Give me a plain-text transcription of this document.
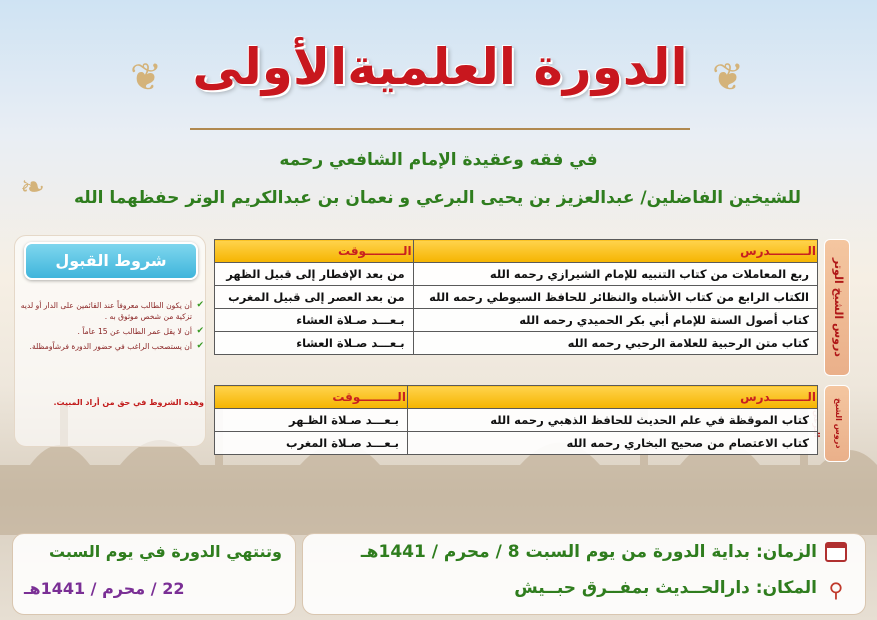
❦	❦
❧
الدورة العلميةالأولى
في فقه وعقيدة الإمام الشافعي رحمه
للشيخين الفاضلين/ عبدالعزيز بن يحيى البرعي و نعمان بن عبدالكريم الوتر حفظهما الله
شروط القبول
✔
أن يكون الطالب معروفاً عند القائمين على الدار أو لديه تزكية من شخص موثوق به .
✔
أن لا يقل عمر الطالب عن 15 عاماً .
✔
أن يستصحب الراغب في حضور الدورة فرشاًومظلة.
وهذه الشروط في حق من أراد المبيت.
دروس الشيخ الوتر
الـــــــــدرس	الـــــــــوقت
ربع المعاملات من كتاب التنبيه للإمام الشيرازي رحمه الله	من بعد الإفطار إلى قبيل الظهر
الكتاب الرابع من كتاب الأشباه والنظائر للحافظ السيوطي رحمه الله	من بعد العصر إلى قبيل المغرب
كتاب أصول السنة للإمام أبي بكر الحميدي رحمه الله	بـعـــد صـلاة العشاء
كتاب متن الرحبية للعلامة الرحبي رحمه الله	بـعـــد صـلاة العشاء
دروس الشيخ
الـــــــــدرس	الـــــــــوقت
كتاب الموقظة في علم الحديث للحافظ الذهبي رحمه الله	بـعـــد صـلاة الظـهر
كتاب الاعتصام من صحيح البخاري رحمه الله	بـعـــد صـلاة المغرب
⚲
الزمان: بداية الدورة من يوم السبت 8 / محرم / 1441هـ
المكان: دارالحــديث بمفــرق حبــيش
وتنتهي الدورة في يوم السبت
22 / محرم / 1441هـ
